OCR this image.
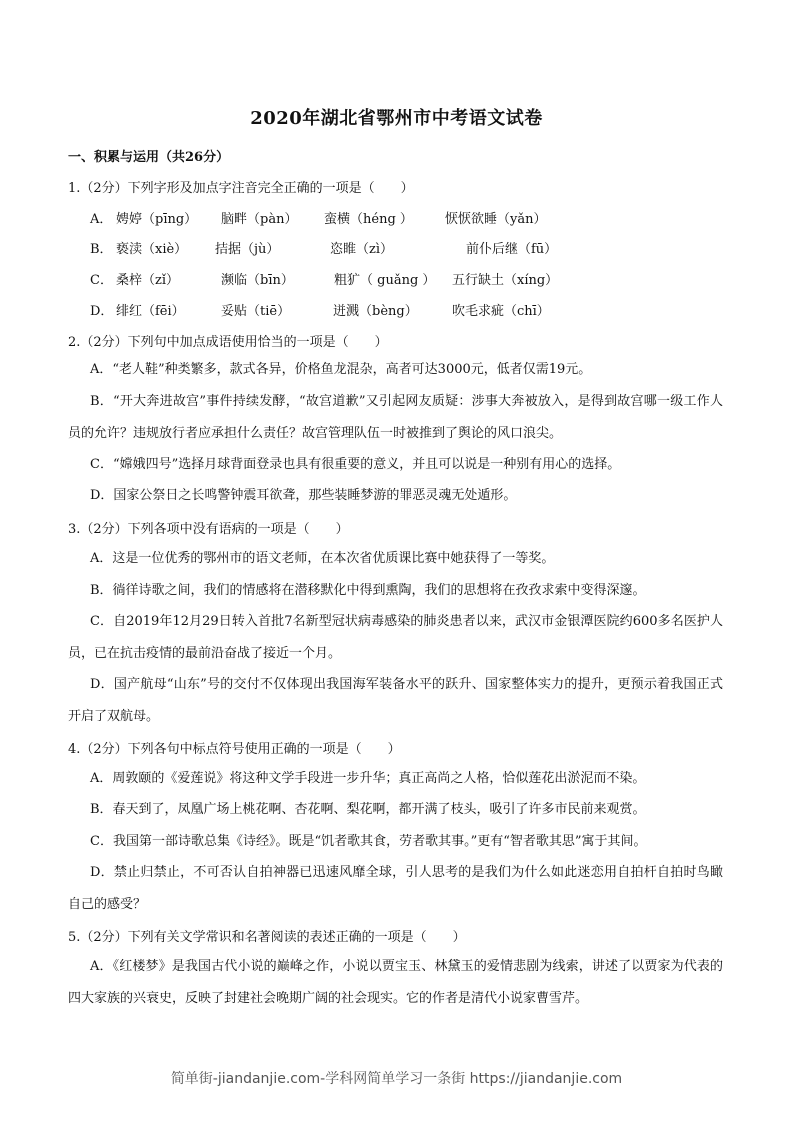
2020年湖北省鄂州市中考语文试卷
一、积累与运用（共26分）
1.（2分）下列字形及加点字注音完全正确的一项是（　　）
A． 娉婷（pīng） 脑畔（pàn） 蛮横（héng ） 恹恹欲睡（yǎn）
B． 亵渎（xiè） 拮据（jù）	恣睢（zì）	前仆后继（fū）
C． 桑梓（zǐ）	濒临（bīn）	粗犷（ guǎng ） 五行缺土（xíng）
D． 绯红（fēi）	妥贴（tiē）	迸溅（bèng）	吹毛求疵（chī）
2.（2分）下列句中加点成语使用恰当的一项是（　　）
A．“老人鞋”种类繁多，款式各异，价格鱼龙混杂，高者可达3000元，低者仅需19元。
B．“开大奔进故宫”事件持续发酵，“故宫道歉”又引起网友质疑：涉事大奔被放入，是得到故宫哪一级工作人员的允许？违规放行者应承担什么责任？故宫管理队伍一时被推到了舆论的风口浪尖。
C．“嫦娥四号”选择月球背面登录也具有很重要的意义，并且可以说是一种别有用心的选择。
D．国家公祭日之长鸣警钟震耳欲聋，那些装睡梦游的罪恶灵魂无处遁形。
3.（2分）下列各项中没有语病的一项是（　　）
A．这是一位优秀的鄂州市的语文老师，在本次省优质课比赛中她获得了一等奖。
B．徜徉诗歌之间，我们的情感将在潜移默化中得到熏陶，我们的思想将在孜孜求索中变得深邃。
C．自2019年12月29日转入首批7名新型冠状病毒感染的肺炎患者以来，武汉市金银潭医院约600多名医护人员，已在抗击疫情的最前沿奋战了接近一个月。
D．国产航母“山东”号的交付不仅体现出我国海军装备水平的跃升、国家整体实力的提升，更预示着我国正式开启了双航母。
4.（2分）下列各句中标点符号使用正确的一项是（　　）
A．周敦颐的《爱莲说》将这种文学手段进一步升华；真正高尚之人格，恰似莲花出淤泥而不染。
B．春天到了，凤凰广场上桃花啊、杏花啊、梨花啊，都开满了枝头，吸引了许多市民前来观赏。
C．我国第一部诗歌总集《诗经》。既是“饥者歌其食，劳者歌其事。”更有“智者歌其思”寓于其间。
D．禁止归禁止，不可否认自拍神器已迅速风靡全球，引人思考的是我们为什么如此迷恋用自拍杆自拍时鸟瞰自己的感受？
5.（2分）下列有关文学常识和名著阅读的表述正确的一项是（　　）
A．《红楼梦》是我国古代小说的巅峰之作，小说以贾宝玉、林黛玉的爱情悲剧为线索，讲述了以贾家为代表的四大家族的兴衰史，反映了封建社会晚期广阔的社会现实。它的作者是清代小说家曹雪芹。
简单街-jiandanjie.com-学科网简单学习一条街 https://jiandanjie.com
